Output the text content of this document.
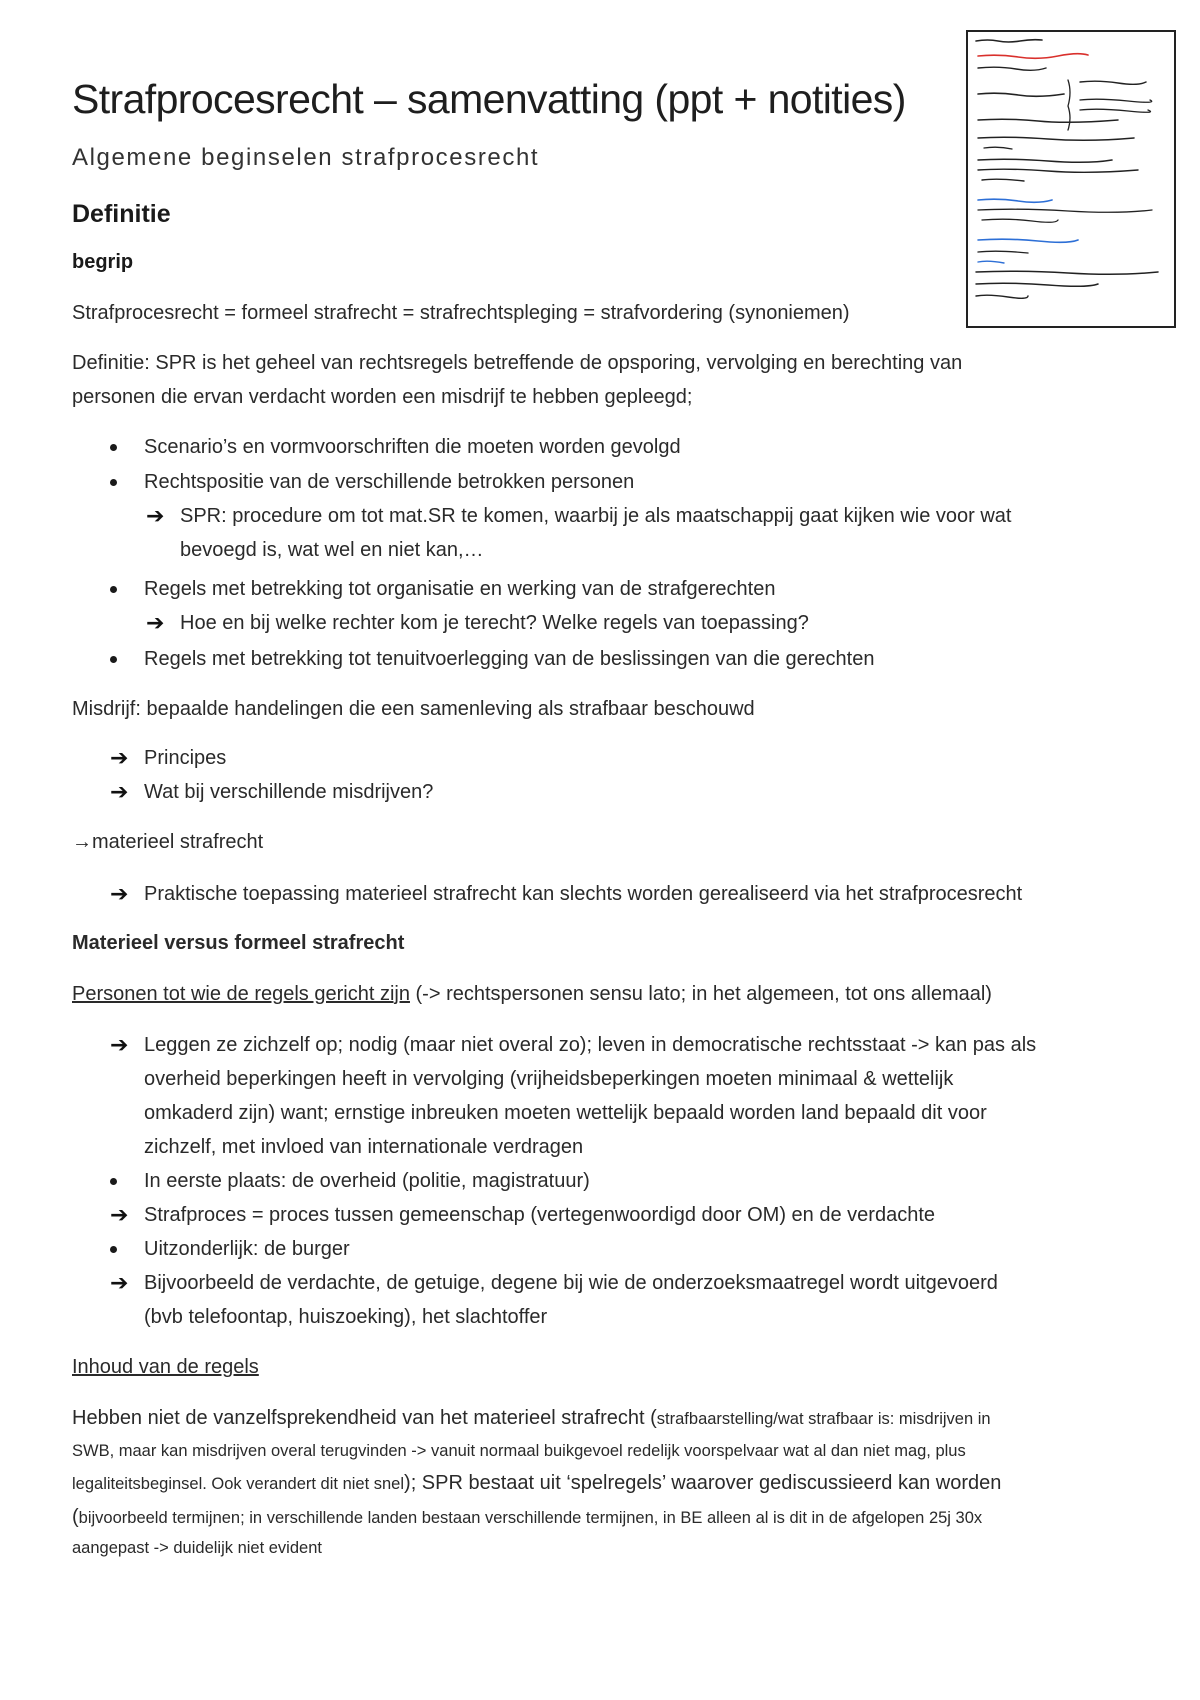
Strafprocesrecht – samenvatting (ppt + notities)
Algemene beginselen strafprocesrecht
Definitie
begrip
Strafprocesrecht = formeel strafrecht = strafrechtspleging = strafvordering (synoniemen)
Definitie: SPR is het geheel van rechtsregels betreffende de opsporing, vervolging en berechting van
personen die ervan verdacht worden een misdrijf te hebben gepleegd;
Scenario’s en vormvoorschriften die moeten worden gevolgd
Rechtspositie van de verschillende betrokken personen
➔ SPR: procedure om tot mat.SR te komen, waarbij je als maatschappij gaat kijken wie voor wat
bevoegd is, wat wel en niet kan,…
Regels met betrekking tot organisatie en werking van de strafgerechten
➔ Hoe en bij welke rechter kom je terecht? Welke regels van toepassing?
Regels met betrekking tot tenuitvoerlegging van de beslissingen van die gerechten
Misdrijf: bepaalde handelingen die een samenleving als strafbaar beschouwd
➔ Principes
➔ Wat bij verschillende misdrijven?
→materieel strafrecht
➔ Praktische toepassing materieel strafrecht kan slechts worden gerealiseerd via het strafprocesrecht
Materieel versus formeel strafrecht
Personen tot wie de regels gericht zijn (-> rechtspersonen sensu lato; in het algemeen, tot ons allemaal)
➔ Leggen ze zichzelf op; nodig (maar niet overal zo); leven in democratische rechtsstaat -> kan pas als
overheid beperkingen heeft in vervolging (vrijheidsbeperkingen moeten minimaal & wettelijk
omkaderd zijn) want; ernstige inbreuken moeten wettelijk bepaald worden land bepaald dit voor
zichzelf, met invloed van internationale verdragen
In eerste plaats: de overheid (politie, magistratuur)
➔ Strafproces = proces tussen gemeenschap (vertegenwoordigd door OM) en de verdachte
Uitzonderlijk: de burger
➔ Bijvoorbeeld de verdachte, de getuige, degene bij wie de onderzoeksmaatregel wordt uitgevoerd
(bvb telefoontap, huiszoeking), het slachtoffer
Inhoud van de regels
Hebben niet de vanzelfsprekendheid van het materieel strafrecht (strafbaarstelling/wat strafbaar is: misdrijven in
SWB, maar kan misdrijven overal terugvinden -> vanuit normaal buikgevoel redelijk voorspelvaar wat al dan niet mag, plus
legaliteitsbeginsel. Ook verandert dit niet snel); SPR bestaat uit ‘spelregels’ waarover gediscussieerd kan worden
(bijvoorbeeld termijnen; in verschillende landen bestaan verschillende termijnen, in BE alleen al is dit in de afgelopen 25j 30x
aangepast -> duidelijk niet evident
